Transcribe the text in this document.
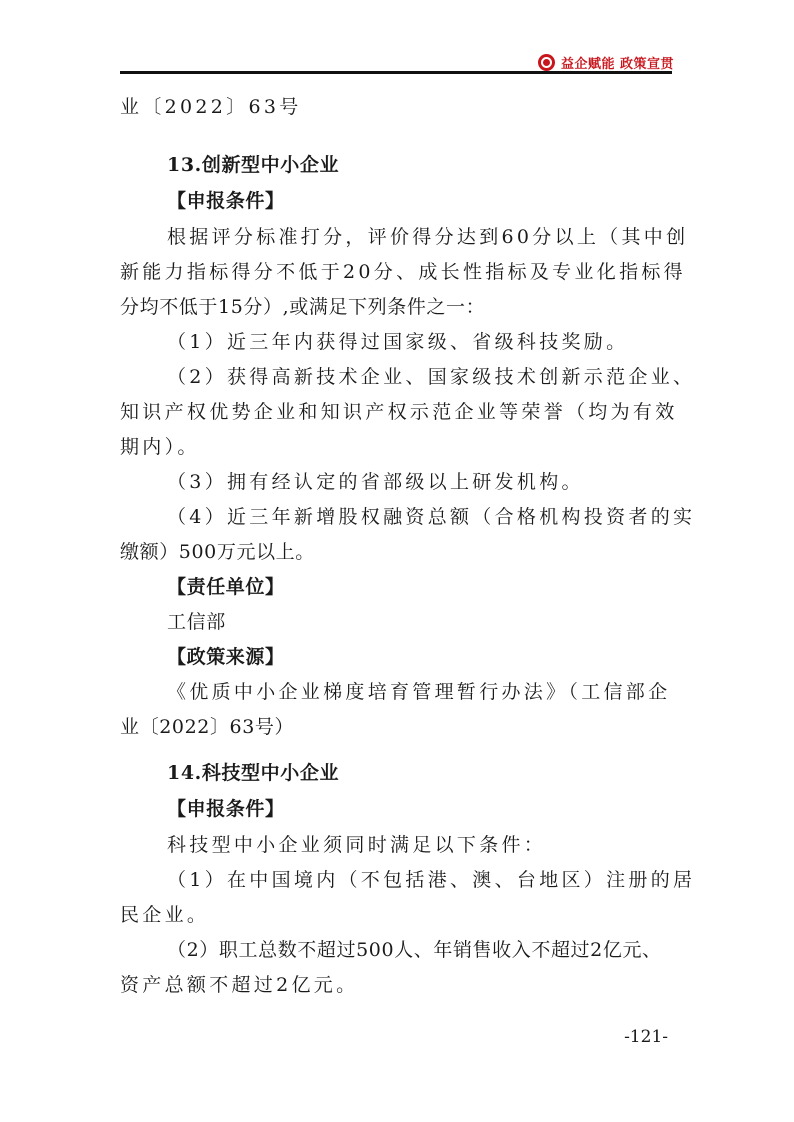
益企赋能 政策宣贯
业〔2022〕63号
13.创新型中小企业
【申报条件】
根据评分标准打分，评价得分达到60分以上（其中创
新能力指标得分不低于20分、成长性指标及专业化指标得
分均不低于15分）,或满足下列条件之一：
（1）近三年内获得过国家级、省级科技奖励。
（2）获得高新技术企业、国家级技术创新示范企业、
知识产权优势企业和知识产权示范企业等荣誉（均为有效
期内）。
（3）拥有经认定的省部级以上研发机构。
（4）近三年新增股权融资总额（合格机构投资者的实
缴额）500万元以上。
【责任单位】
工信部
【政策来源】
《优质中小企业梯度培育管理暂行办法》（工信部企
业〔2022〕63号）
14.科技型中小企业
【申报条件】
科技型中小企业须同时满足以下条件：
（1）在中国境内（不包括港、澳、台地区）注册的居
民企业。
（2）职工总数不超过500人、年销售收入不超过2亿元、
资产总额不超过2亿元。
-121-
